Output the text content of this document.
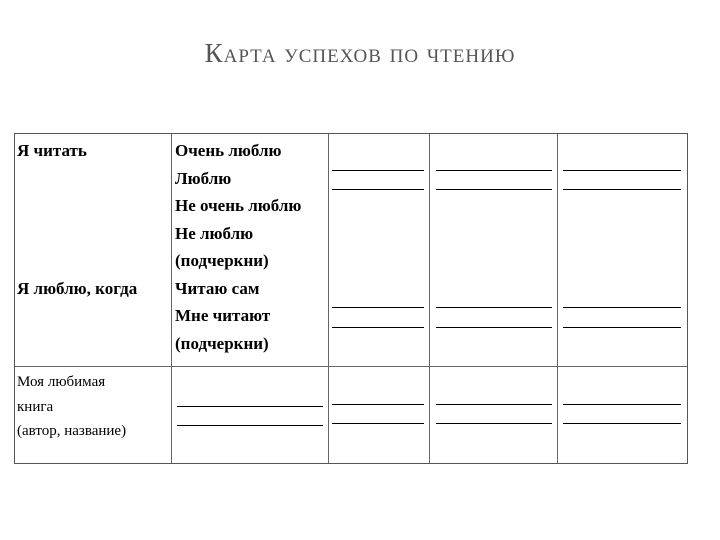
Карта успехов по чтению
Я читать	Очень люблю
Люблю
Не очень люблю
Не люблю
(подчеркни)
Я люблю, когда Читаю сам
Мне читают
(подчеркни)
Моя любимая
книга
(автор, название)
